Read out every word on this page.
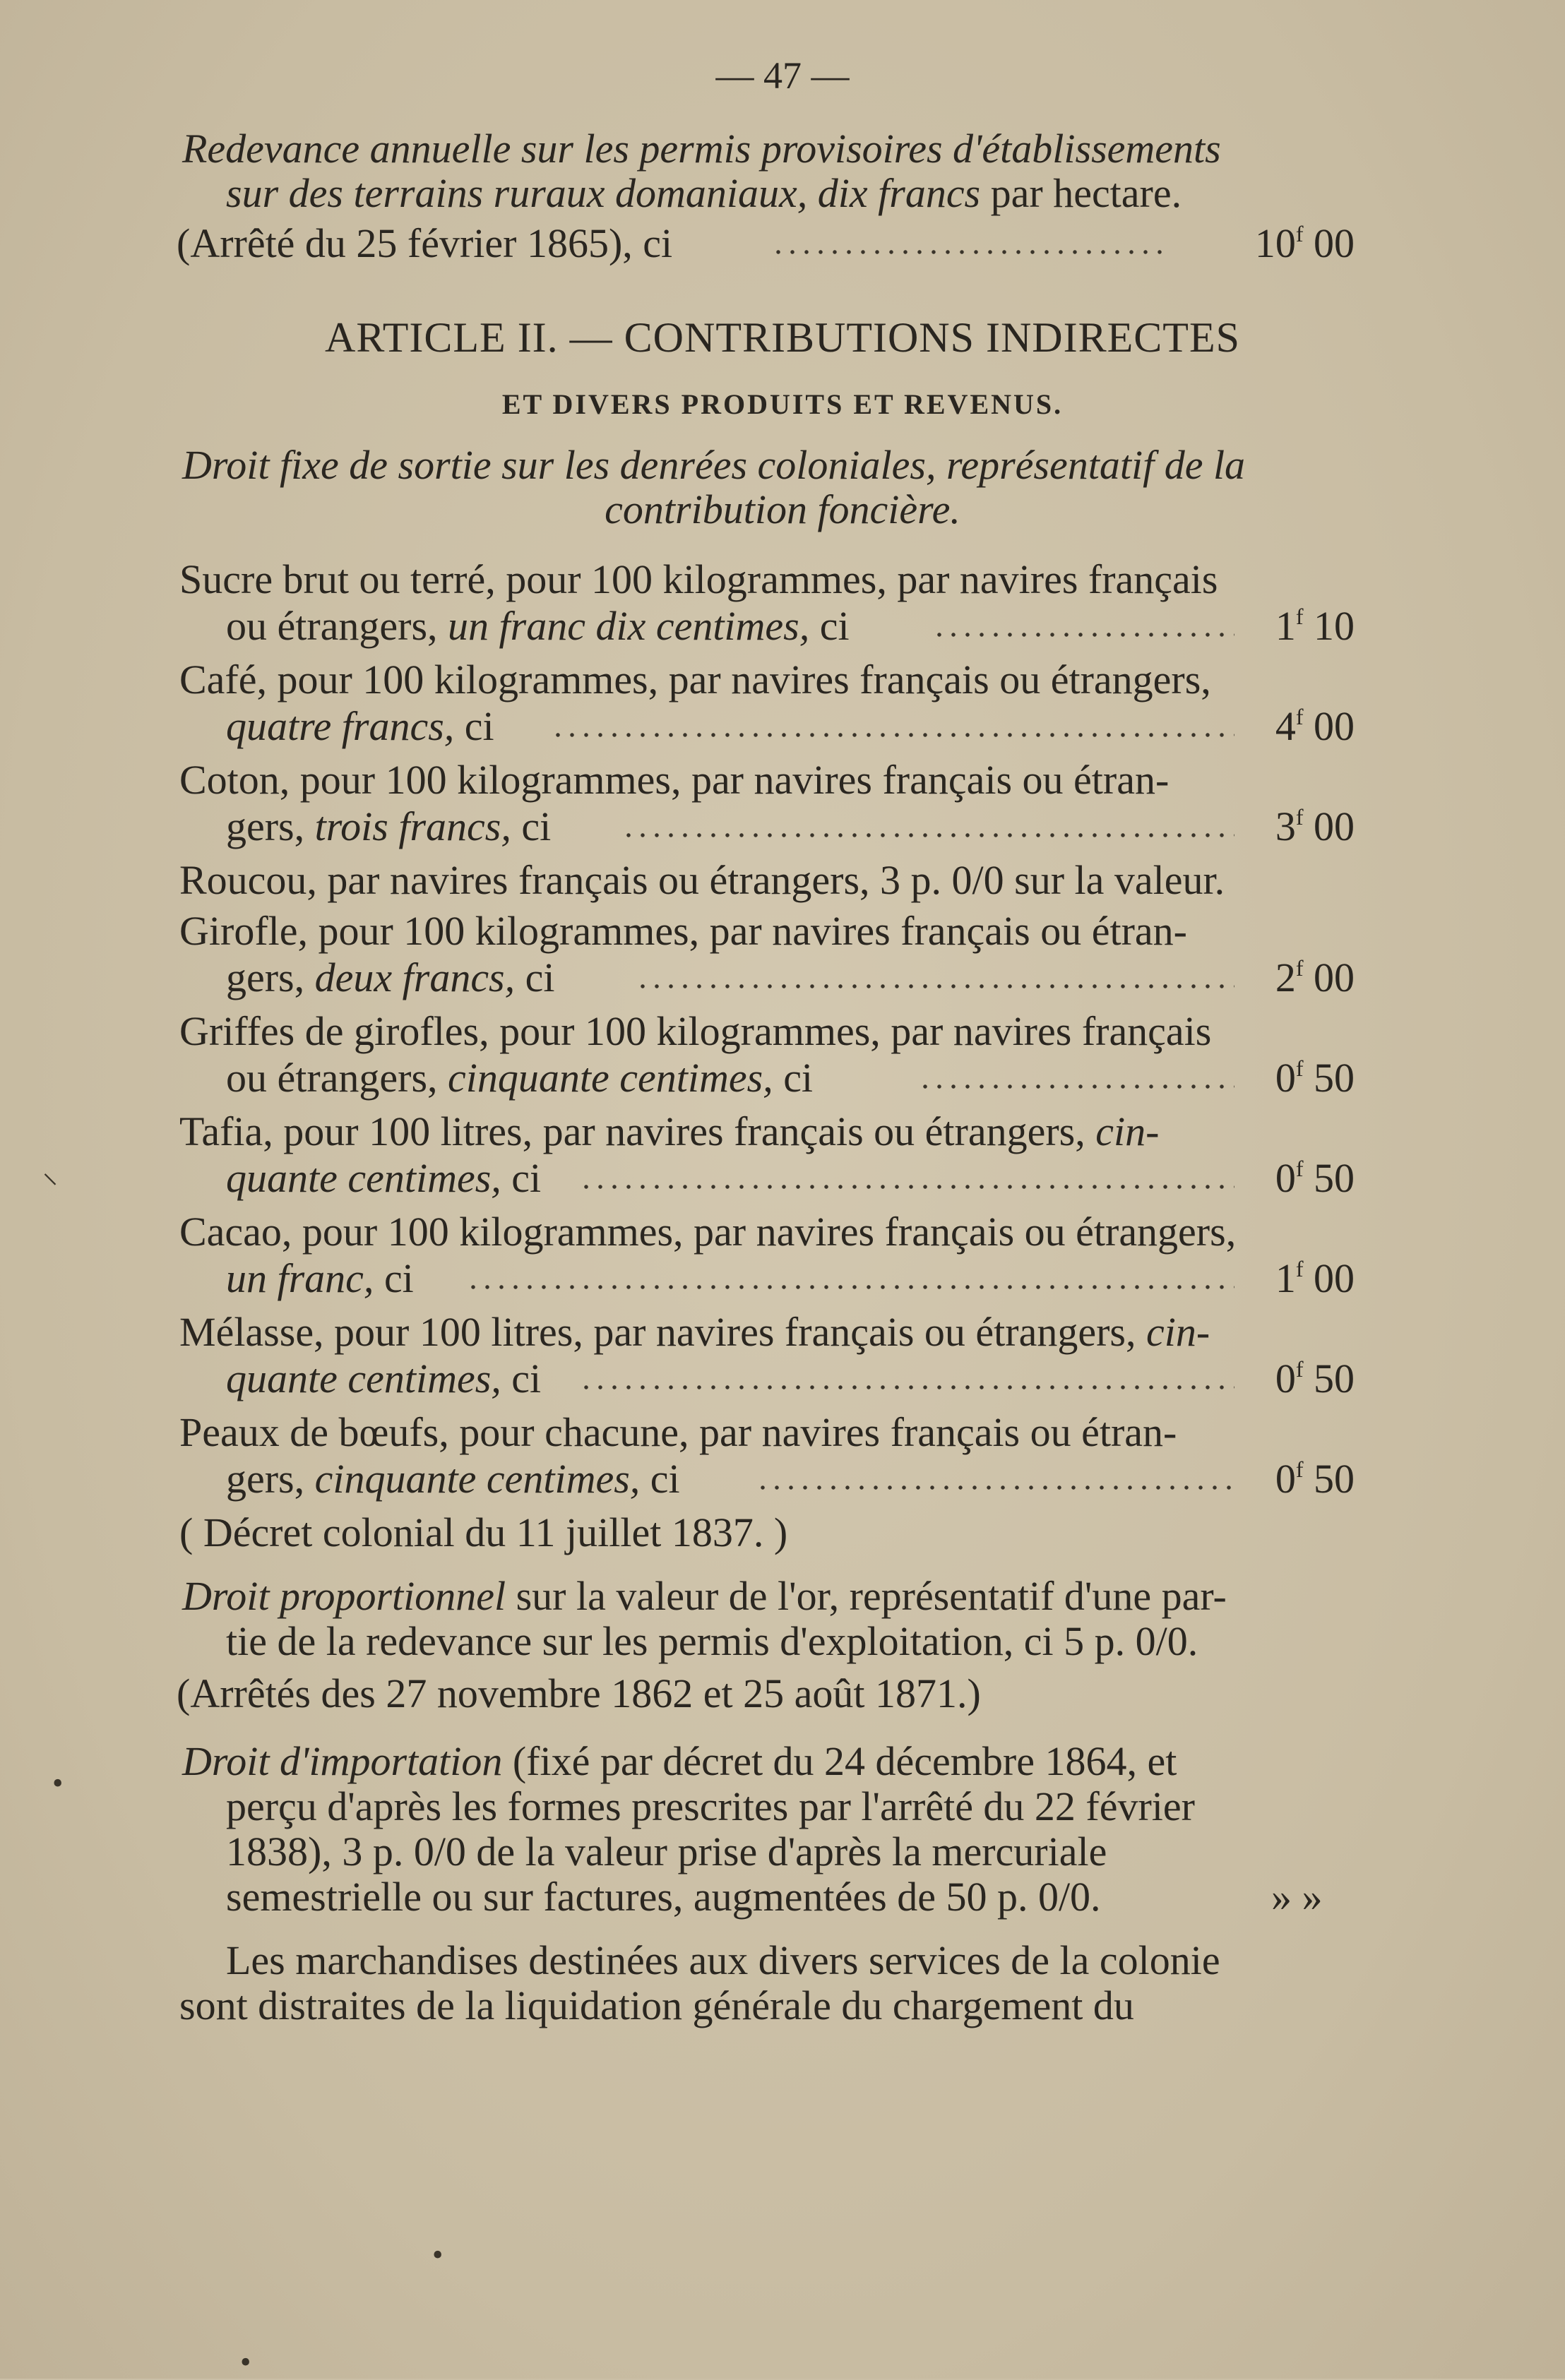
— 47 —
Redevance annuelle sur les permis provisoires d'établissements
sur des terrains ruraux domaniaux, dix francs par hectare.
(Arrêté du 25 février 1865), ci	10$^f$ 00
ARTICLE II. — CONTRIBUTIONS INDIRECTES
ET DIVERS PRODUITS ET REVENUS.
Droit fixe de sortie sur les denrées coloniales, représentatif de la
contribution foncière.
Sucre brut ou terré, pour 100 kilogrammes, par navires français
ou étrangers, un franc dix centimes, ci	1$^f$ 10
Café, pour 100 kilogrammes, par navires français ou étrangers,
quatre francs, ci	4$^f$ 00
Coton, pour 100 kilogrammes, par navires français ou étran-
gers, trois francs, ci	3$^f$ 00
Roucou, par navires français ou étrangers, 3 p. 0/0 sur la valeur.
Girofle, pour 100 kilogrammes, par navires français ou étran-
gers, deux francs, ci	2$^f$ 00
Griffes de girofles, pour 100 kilogrammes, par navires français
ou étrangers, cinquante centimes, ci	0$^f$ 50
Tafia, pour 100 litres, par navires français ou étrangers, cin-
quante centimes, ci	0$^f$ 50
Cacao, pour 100 kilogrammes, par navires français ou étrangers,
un franc, ci	1$^f$ 00
Mélasse, pour 100 litres, par navires français ou étrangers, cin-
quante centimes, ci	0$^f$ 50
Peaux de bœufs, pour chacune, par navires français ou étran-
gers, cinquante centimes, ci	0$^f$ 50
( Décret colonial du 11 juillet 1837. )
Droit proportionnel sur la valeur de l'or, représentatif d'une par-
tie de la redevance sur les permis d'exploitation, ci 5 p. 0/0.
(Arrêtés des 27 novembre 1862 et 25 août 1871.)
Droit d'importation (fixé par décret du 24 décembre 1864, et
perçu d'après les formes prescrites par l'arrêté du 22 février
1838), 3 p. 0/0 de la valeur prise d'après la mercuriale
semestrielle ou sur factures, augmentées de 50 p. 0/0.	» »
Les marchandises destinées aux divers services de la colonie
sont distraites de la liquidation générale du chargement du
⸜
•
•
•
